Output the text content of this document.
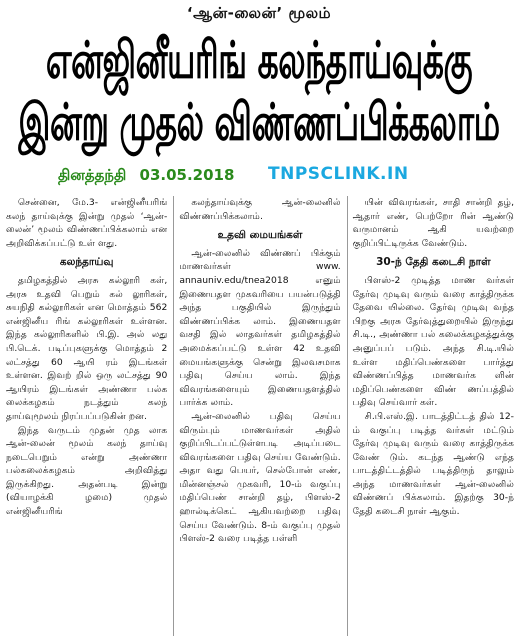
‘ஆன்-லைன்’ மூலம்
என்ஜினீயரிங் கலந்தாய்வுக்கு
இன்று முதல் விண்ணப்பிக்கலாம்
தினத்தந்தி 03.05.2018 TNPSCLINK.IN

சென்னை, மே.3- என்ஜினீயரிங் கலந் தாய்வுக்கு இன்று முதல் ‘ஆன்-லைன்’ மூலம் விண்ணப்பிக்கலாம் என அறிவிக்கப்பட்டு உள் ளது.

கலந்தாய்வு

தமிழகத்தில் அரசு கல்லூரி கள், அரசு உதவி பெறும் கல் லூரிகள், சுயநிதி கல்லூரிகள் என மொத்தம் 562 என்ஜினீய ரிங் கல்லூரிகள் உள்ளன. இந்த கல்லூரிகளில் பி.இ. அல் லது பி.டெக். படிப்புகளுக்கு மொத்தம் 2 லட்சத்து 60 ஆயி ரம் இடங்கள் உள்ளன. இவற் றில் ஒரு லட்சத்து 90 ஆயிரம் இடங்கள் அண்ணா பல்க லைக்கழகம் நடத்தும் கலந் தாய்வுமூலம் நிரப்பப்படுகின் றன.

இந்த வருடம் முதன் முத லாக ஆன்-லைன் மூலம் கலந் தாய்வு நடைபெறும் என்று அண்ணா பல்கலைக்கழகம் அறிவித்து இருக்கிறது. அதன்படி இன்று (வியாழக்கி ழமை) முதல் என்ஜினீயரிங்

கலந்தாய்வுக்கு ஆன்-லைனில் விண்ணப்பிக்கலாம்.

உதவி மையங்கள்

ஆன்-லைனில் விண்ணப் பிக்கும் மாணவர்கள் www. annauniv.edu/tnea2018 எனும் இணையதள முகவரியை பயன்படுத்தி அந்த பகுதியில் இருந்தும் விண்ணப்பிக்க லாம். இணையதள வசதி இல் லாதவர்கள் தமிழகத்தில் அமைக்கப்பட்டு உள்ள 42 உதவி மையங்களுக்கு சென்று இலவசமாக பதிவு செய்ய லாம். இந்த விவரங்களையும் இணையதளத்தில் பார்க்க லாம்.

ஆன்-லைனில் பதிவு செய்ய விரும்பும் மாணவர்கள் அதில் குறிப்பிடப்பட்டுள்ளபடி அடிப்படை விவரங்களை பதிவு செய்ய வேண்டும். அதா வது பெயர், செல்போன் எண், மின்னஞ்சல் முகவரி, 10-ம் வகுப்பு மதிப்பெண் சான்றி தழ், பிளஸ்-2 ஹால்டிக்கெட் ஆகியவற்றை பதிவு செய்ய வேண்டும். 8-ம் வகுப்பு முதல் பிளஸ்-2 வரை படித்த பள்ளி

யின் விவரங்கள், சாதி சான்றி தழ், ஆதார் எண், பெற்றோ ரின் ஆண்டு வருமானம் ஆகி யவற்றை குறிப்பிட்டிருக்க வேண்டும்.

30-ந் தேதி கடைசி நாள்

பிளஸ்-2 முடித்த மாண வர்கள் தேர்வு முடிவு வரும் வரை காத்திருக்க தேவை யில்லை. தேர்வு முடிவு வந்த பிறகு அரசு தேர்வுத்துறையில் இருந்து சி.டி., அண்ணா பல் கலைக்கழகத்துக்கு அனுப்பப் படும். அந்த சி.டி.யில் உள்ள மதிப்பெண்களை பார்த்து விண்ணப்பித்த மாணவர்க ளின் மதிப்பெண்களை விண் ணப்பத்தில் பதிவு செய்வார் கள்.

சி.பி.எஸ்.இ. பாடத்திட்டத் தில் 12-ம் வகுப்பு படித்த வர்கள் மட்டும் தேர்வு முடிவு வரும் வரை காத்திருக்க வேண் டும். கடந்த ஆண்டு எந்த பாடத்திட்டத்தில் படித்திருந் தாலும் அந்த மாணவர்கள் ஆன்-லைனில் விண்ணப் பிக்கலாம். இதற்கு 30-ந் தேதி கடைசி நாள் ஆகும்.
